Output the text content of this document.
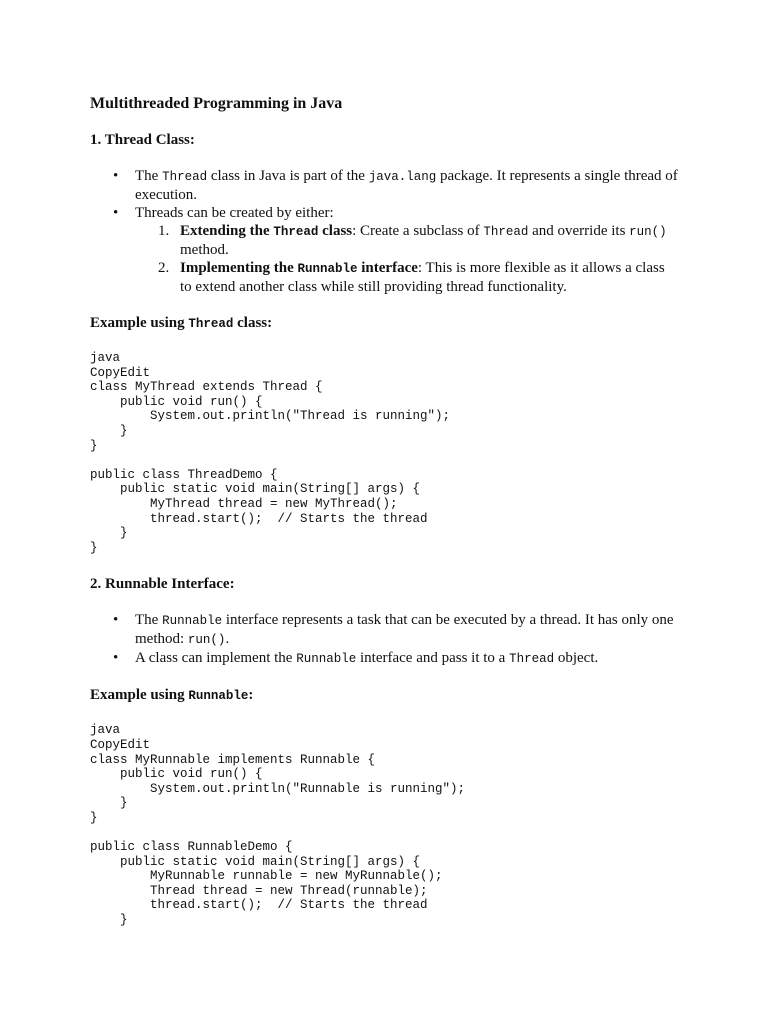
Multithreaded Programming in Java
1. Thread Class:
• The Thread class in Java is part of the java.lang package. It represents a single thread of execution.
• Threads can be created by either:
1. Extending the Thread class: Create a subclass of Thread and override its run() method.
2. Implementing the Runnable interface: This is more flexible as it allows a class to extend another class while still providing thread functionality.
Example using Thread class:
java
CopyEdit
class MyThread extends Thread {
public void run() {
System.out.println("Thread is running");
}
}
public class ThreadDemo {
public static void main(String[] args) {
MyThread thread = new MyThread();
thread.start();  // Starts the thread
}
}
2. Runnable Interface:
• The Runnable interface represents a task that can be executed by a thread. It has only one method: run().
• A class can implement the Runnable interface and pass it to a Thread object.
Example using Runnable:
java
CopyEdit
class MyRunnable implements Runnable {
public void run() {
System.out.println("Runnable is running");
}
}
public class RunnableDemo {
public static void main(String[] args) {
MyRunnable runnable = new MyRunnable();
Thread thread = new Thread(runnable);
thread.start();  // Starts the thread
}
